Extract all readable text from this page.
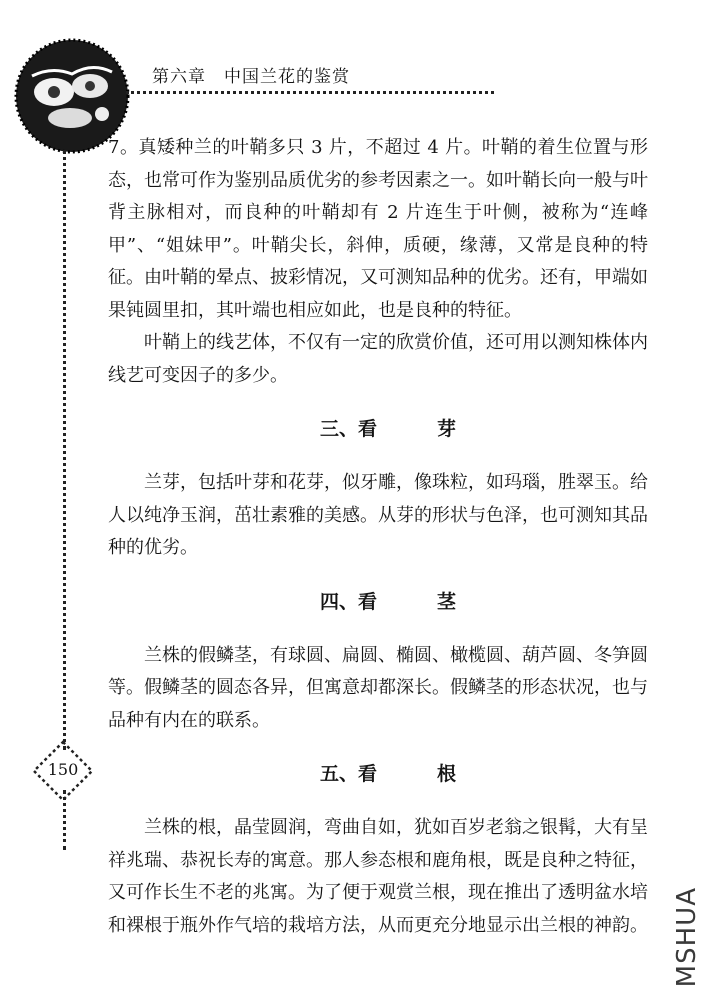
第六章　中国兰花的鉴赏
150

7。真矮种兰的叶鞘多只 3 片，不超过 4 片。叶鞘的着生位置与形态，也常可作为鉴别品质优劣的参考因素之一。如叶鞘长向一般与叶背主脉相对，而良种的叶鞘却有 2 片连生于叶侧，被称为“连峰甲”、“姐妹甲”。叶鞘尖长，斜伸，质硬，缘薄，又常是良种的特征。由叶鞘的晕点、披彩情况，又可测知品种的优劣。还有，甲端如果钝圆里扣，其叶端也相应如此，也是良种的特征。

叶鞘上的线艺体，不仅有一定的欣赏价值，还可用以测知株体内线艺可变因子的多少。

三、看	芽

兰芽，包括叶芽和花芽，似牙雕，像珠粒，如玛瑙，胜翠玉。给人以纯净玉润，茁壮素雅的美感。从芽的形状与色泽，也可测知其品种的优劣。

四、看	茎

兰株的假鳞茎，有球圆、扁圆、椭圆、橄榄圆、葫芦圆、冬笋圆等。假鳞茎的圆态各异，但寓意却都深长。假鳞茎的形态状况，也与品种有内在的联系。

五、看	根

兰株的根，晶莹圆润，弯曲自如，犹如百岁老翁之银髯，大有呈祥兆瑞、恭祝长寿的寓意。那人参态根和鹿角根，既是良种之特征，又可作长生不老的兆寓。为了便于观赏兰根，现在推出了透明盆水培和裸根于瓶外作气培的栽培方法，从而更充分地显示出兰根的神韵。 MSHUA
